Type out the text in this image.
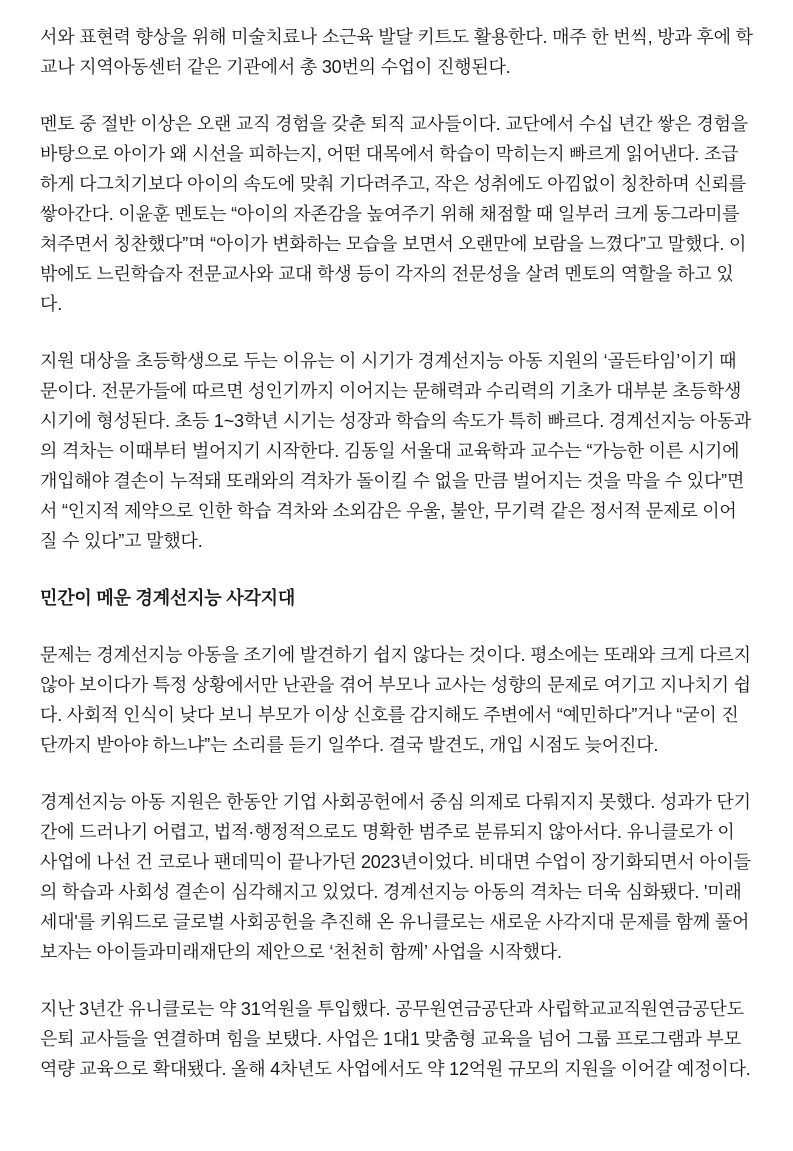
서와 표현력 향상을 위해 미술치료나 소근육 발달 키트도 활용한다. 매주 한 번씩, 방과 후에 학교나 지역아동센터 같은 기관에서 총 30번의 수업이 진행된다.

멘토 중 절반 이상은 오랜 교직 경험을 갖춘 퇴직 교사들이다. 교단에서 수십 년간 쌓은 경험을 바탕으로 아이가 왜 시선을 피하는지, 어떤 대목에서 학습이 막히는지 빠르게 읽어낸다. 조급하게 다그치기보다 아이의 속도에 맞춰 기다려주고, 작은 성취에도 아낌없이 칭찬하며 신뢰를 쌓아간다. 이윤훈 멘토는 “아이의 자존감을 높여주기 위해 채점할 때 일부러 크게 동그라미를 쳐주면서 칭찬했다”며 “아이가 변화하는 모습을 보면서 오랜만에 보람을 느꼈다”고 말했다. 이 밖에도 느린학습자 전문교사와 교대 학생 등이 각자의 전문성을 살려 멘토의 역할을 하고 있다.

지원 대상을 초등학생으로 두는 이유는 이 시기가 경계선지능 아동 지원의 ‘골든타임’이기 때문이다. 전문가들에 따르면 성인기까지 이어지는 문해력과 수리력의 기초가 대부분 초등학생 시기에 형성된다. 초등 1~3학년 시기는 성장과 학습의 속도가 특히 빠르다. 경계선지능 아동과의 격차는 이때부터 벌어지기 시작한다. 김동일 서울대 교육학과 교수는 “가능한 이른 시기에 개입해야 결손이 누적돼 또래와의 격차가 돌이킬 수 없을 만큼 벌어지는 것을 막을 수 있다”면서 “인지적 제약으로 인한 학습 격차와 소외감은 우울, 불안, 무기력 같은 정서적 문제로 이어질 수 있다”고 말했다.

민간이 메운 경계선지능 사각지대

문제는 경계선지능 아동을 조기에 발견하기 쉽지 않다는 것이다. 평소에는 또래와 크게 다르지 않아 보이다가 특정 상황에서만 난관을 겪어 부모나 교사는 성향의 문제로 여기고 지나치기 쉽다. 사회적 인식이 낮다 보니 부모가 이상 신호를 감지해도 주변에서 “예민하다”거나 “굳이 진단까지 받아야 하느냐”는 소리를 듣기 일쑤다. 결국 발견도, 개입 시점도 늦어진다.

경계선지능 아동 지원은 한동안 기업 사회공헌에서 중심 의제로 다뤄지지 못했다. 성과가 단기간에 드러나기 어렵고, 법적·행정적으로도 명확한 범주로 분류되지 않아서다. 유니클로가 이 사업에 나선 건 코로나 팬데믹이 끝나가던 2023년이었다. 비대면 수업이 장기화되면서 아이들의 학습과 사회성 결손이 심각해지고 있었다. 경계선지능 아동의 격차는 더욱 심화됐다. '미래세대'를 키워드로 글로벌 사회공헌을 추진해 온 유니클로는 새로운 사각지대 문제를 함께 풀어보자는 아이들과미래재단의 제안으로 ‘천천히 함께’ 사업을 시작했다.

지난 3년간 유니클로는 약 31억원을 투입했다. 공무원연금공단과 사립학교교직원연금공단도 은퇴 교사들을 연결하며 힘을 보탰다. 사업은 1대1 맞춤형 교육을 넘어 그룹 프로그램과 부모 역량 교육으로 확대됐다. 올해 4차년도 사업에서도 약 12억원 규모의 지원을 이어갈 예정이다.
